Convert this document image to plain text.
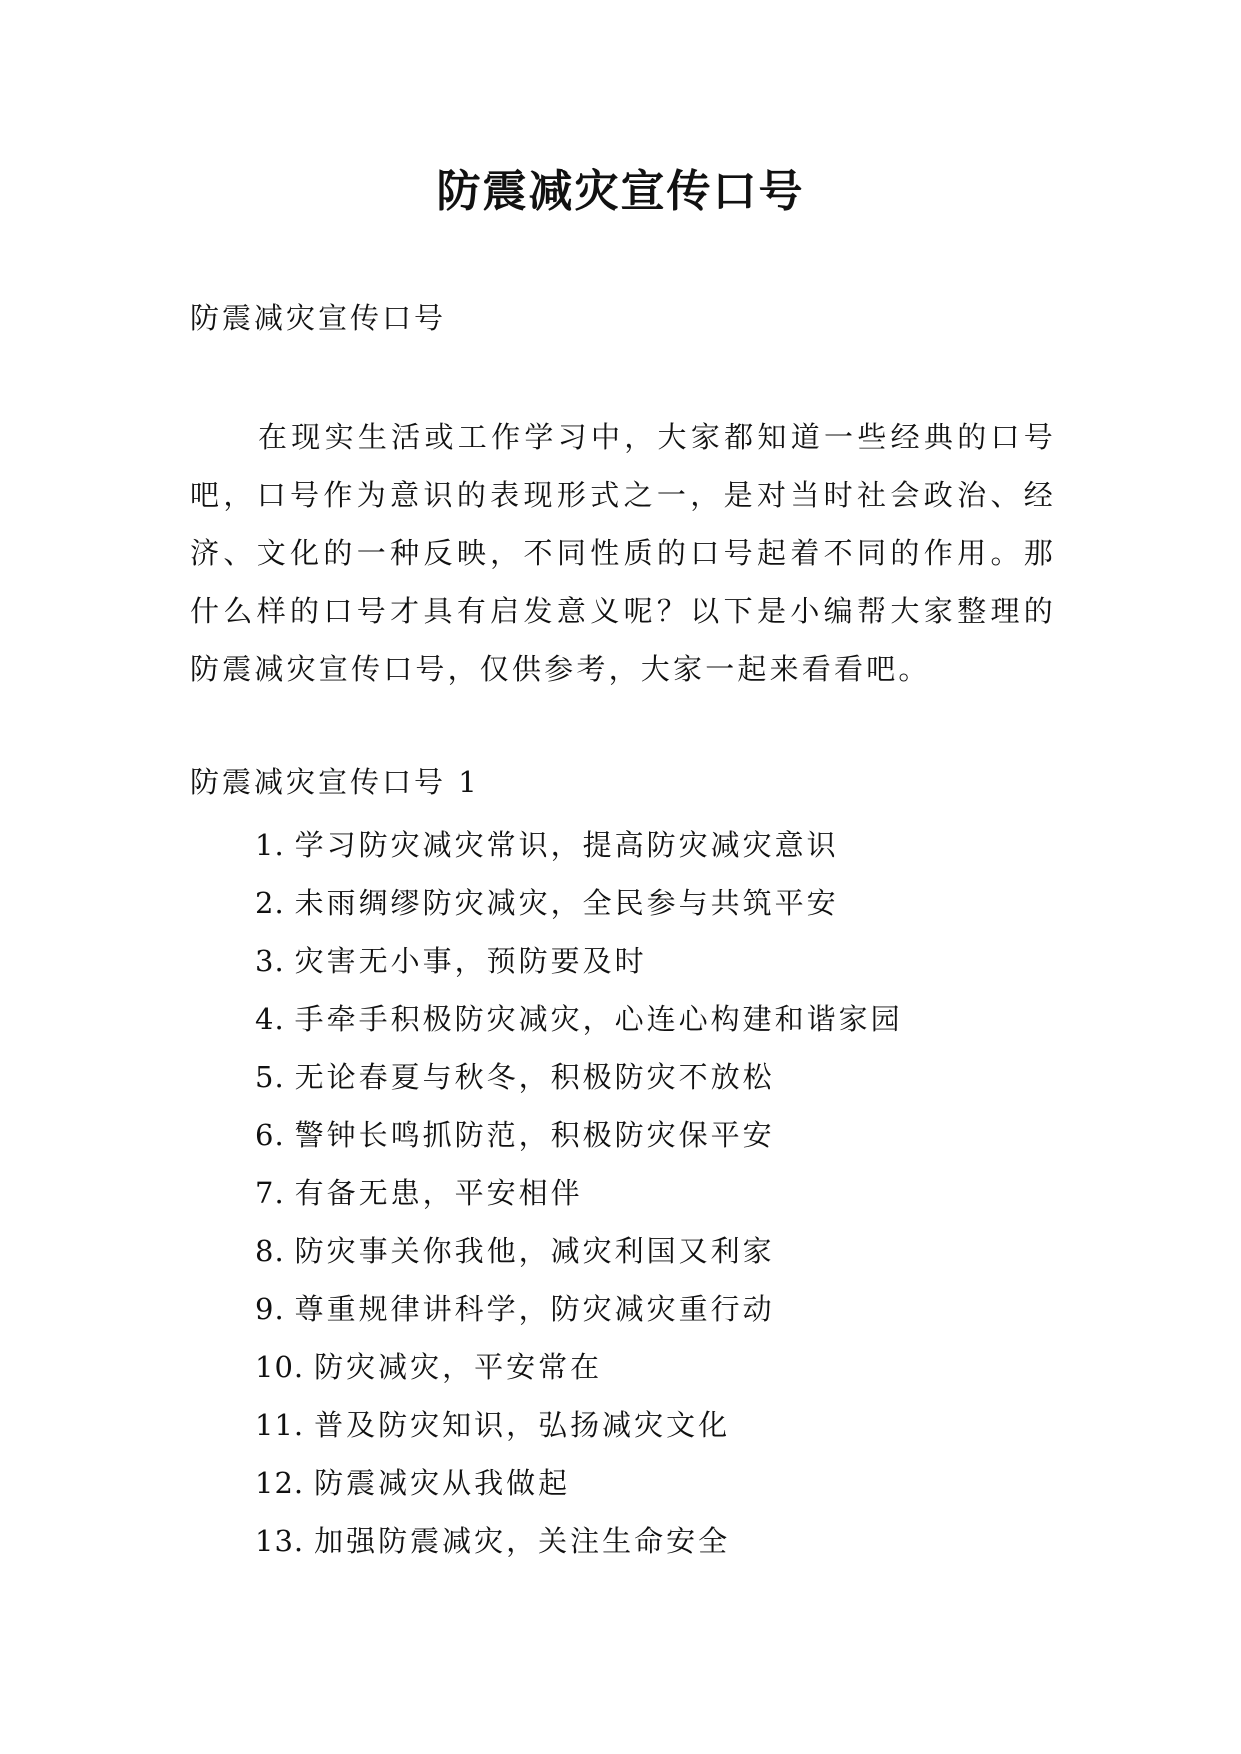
防震减灾宣传口号

防震减灾宣传口号

在现实生活或工作学习中，大家都知道一些经典的口号吧，口号作为意识的表现形式之一，是对当时社会政治、经济、文化的一种反映，不同性质的口号起着不同的作用。那什么样的口号才具有启发意义呢？以下是小编帮大家整理的防震减灾宣传口号，仅供参考，大家一起来看看吧。

防震减灾宣传口号 1

1. 学习防灾减灾常识，提高防灾减灾意识
2. 未雨绸缪防灾减灾，全民参与共筑平安
3. 灾害无小事，预防要及时
4. 手牵手积极防灾减灾，心连心构建和谐家园
5. 无论春夏与秋冬，积极防灾不放松
6. 警钟长鸣抓防范，积极防灾保平安
7. 有备无患，平安相伴
8. 防灾事关你我他，减灾利国又利家
9. 尊重规律讲科学，防灾减灾重行动
10. 防灾减灾，平安常在
11. 普及防灾知识，弘扬减灾文化
12. 防震减灾从我做起
13. 加强防震减灾，关注生命安全
